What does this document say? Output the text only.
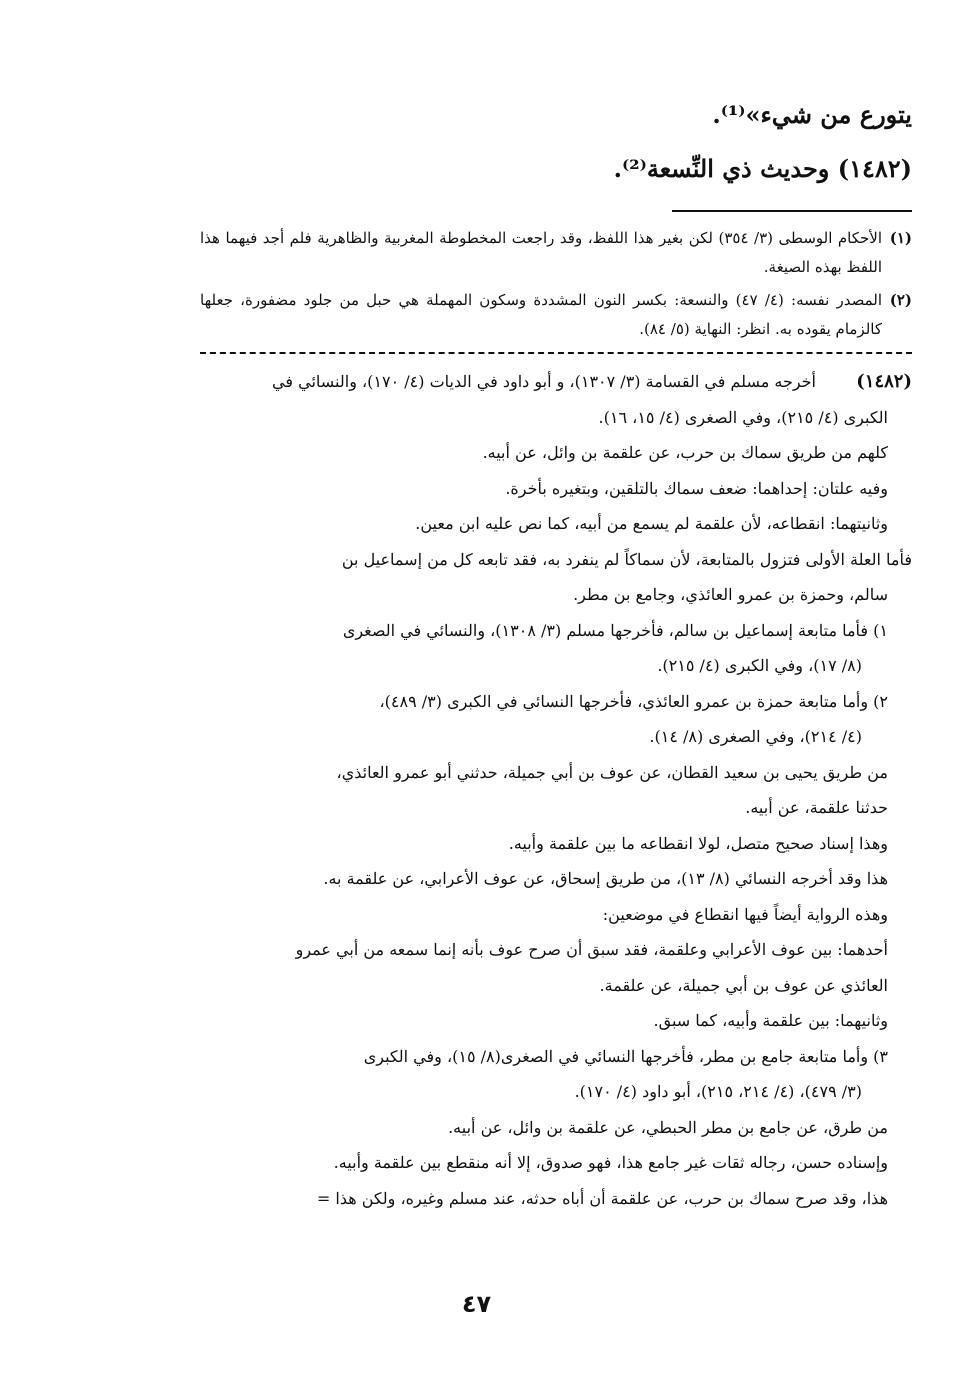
يتورع من شيء»⁽¹⁾.

(١٤٨٢) وحديث ذي النِّسعة⁽²⁾.

(١)
الأحكام الوسطى (٣/ ٣٥٤) لكن بغير هذا اللفظ، وقد راجعت المخطوطة المغربية والظاهرية فلم أجد فيهما هذا اللفظ بهذه الصيغة.
(٢)
المصدر نفسه: (٤/ ٤٧) والنسعة: بكسر النون المشددة وسكون المهملة هي حبل من جلود مضفورة، جعلها كالزمام يقوده به. انظر: النهاية (٥/ ٨٤).
(١٤٨٢)
أخرجه مسلم في القسامة (٣/ ١٣٠٧)، و أبو داود في الديات (٤/ ١٧٠)، والنسائي في

الكبرى (٤/ ٢١٥)، وفي الصغرى (٤/ ١٥، ١٦).

كلهم من طريق سماك بن حرب، عن علقمة بن وائل، عن أبيه.

وفيه علتان: إحداهما: ضعف سماك بالتلقين، وبتغيره بأخرة.

وثانيتهما: انقطاعه، لأن علقمة لم يسمع من أبيه، كما نص عليه ابن معين.

فأما العلة الأولى فتزول بالمتابعة، لأن سماكاً لم ينفرد به، فقد تابعه كل من إسماعيل بن

سالم، وحمزة بن عمرو العائذي، وجامع بن مطر.

١) فأما متابعة إسماعيل بن سالم، فأخرجها مسلم (٣/ ١٣٠٨)، والنسائي في الصغرى

(٨/ ١٧)، وفي الكبرى (٤/ ٢١٥).

٢) وأما متابعة حمزة بن عمرو العائذي، فأخرجها النسائي في الكبرى (٣/ ٤٨٩)،

(٤/ ٢١٤)، وفي الصغرى (٨/ ١٤).

من طريق يحيى بن سعيد القطان، عن عوف بن أبي جميلة، حدثني أبو عمرو العائذي،

حدثنا علقمة، عن أبيه.

وهذا إسناد صحيح متصل، لولا انقطاعه ما بين علقمة وأبيه.

هذا وقد أخرجه النسائي (٨/ ١٣)، من طريق إسحاق، عن عوف الأعرابي، عن علقمة به.

وهذه الرواية أيضاً فيها انقطاع في موضعين:

أحدهما: بين عوف الأعرابي وعلقمة، فقد سبق أن صرح عوف بأنه إنما سمعه من أبي عمرو

العائذي عن عوف بن أبي جميلة، عن علقمة.

وثانيهما: بين علقمة وأبيه، كما سبق.

٣) وأما متابعة جامع بن مطر، فأخرجها النسائي في الصغرى(٨/ ١٥)، وفي الكبرى

(٣/ ٤٧٩)، (٤/ ٢١٤، ٢١٥)، أبو داود (٤/ ١٧٠).

من طرق، عن جامع بن مطر الحبطي، عن علقمة بن وائل، عن أبيه.

وإسناده حسن، رجاله ثقات غير جامع هذا، فهو صدوق، إلا أنه منقطع بين علقمة وأبيه.

هذا، وقد صرح سماك بن حرب، عن علقمة أن أباه حدثه، عند مسلم وغيره، ولكن هذا =

٤٧
